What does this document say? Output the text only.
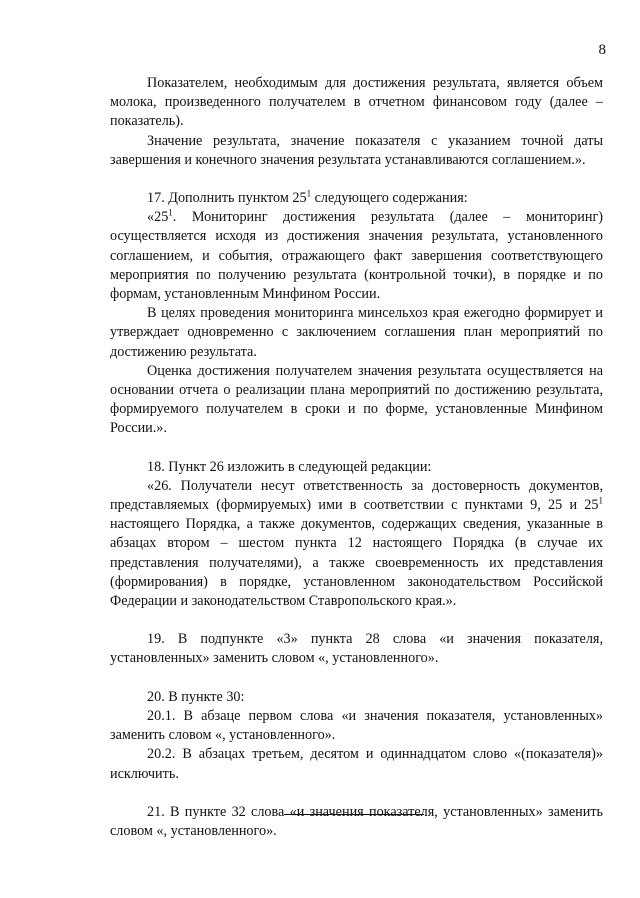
8

Показателем, необходимым для достижения результата, является объем молока, произведенного получателем в отчетном финансовом году (далее – показатель).

Значение результата, значение показателя с указанием точной даты завершения и конечного значения результата устанавливаются соглашением.».

17. Дополнить пунктом $25^1$ следующего содержания:

«$25^1$. Мониторинг достижения результата (далее – мониторинг) осуществляется исходя из достижения значения результата, установленного соглашением, и события, отражающего факт завершения соответствующего мероприятия по получению результата (контрольной точки), в порядке и по формам, установленным Минфином России.

В целях проведения мониторинга минсельхоз края ежегодно формирует и утверждает одновременно с заключением соглашения план мероприятий по достижению результата.

Оценка достижения получателем значения результата осуществляется на основании отчета о реализации плана мероприятий по достижению результата, формируемого получателем в сроки и по форме, установленные Минфином России.».

18. Пункт 26 изложить в следующей редакции:

«26. Получатели несут ответственность за достоверность документов, представляемых (формируемых) ими в соответствии с пунктами 9, 25 и $25^1$ настоящего Порядка, а также документов, содержащих сведения, указанные в абзацах втором – шестом пункта 12 настоящего Порядка (в случае их представления получателями), а также своевременность их представления (формирования) в порядке, установленном законодательством Российской Федерации и законодательством Ставропольского края.».

19. В подпункте «3» пункта 28 слова «и значения показателя, установленных» заменить словом «, установленного».

20. В пункте 30:

20.1. В абзаце первом слова «и значения показателя, установленных» заменить словом «, установленного».

20.2. В абзацах третьем, десятом и одиннадцатом слово «(показателя)» исключить.

21. В пункте 32 слова «и значения показателя, установленных» заменить словом «, установленного».
